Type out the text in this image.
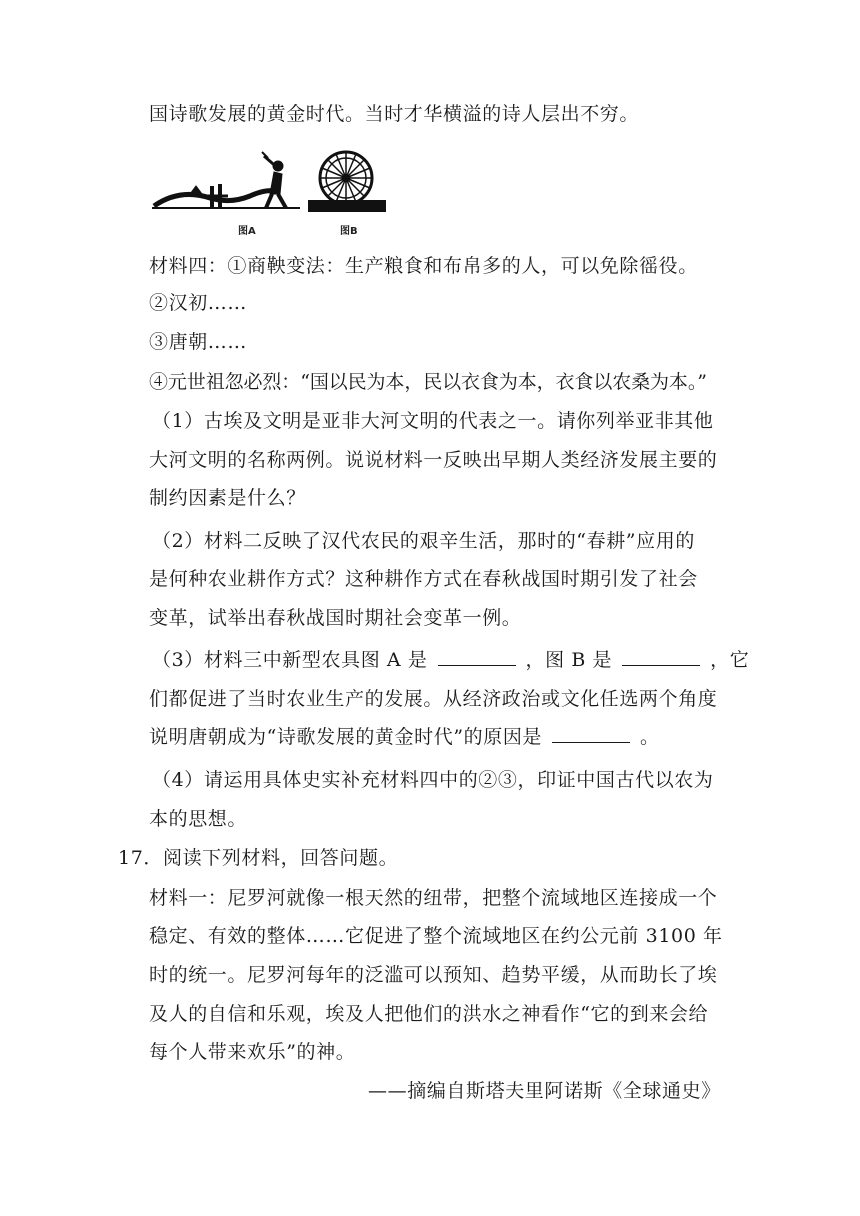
国诗歌发展的黄金时代。当时才华横溢的诗人层出不穷。
图A	图B
材料四：①商鞅变法：生产粮食和布帛多的人，可以免除徭役。
②汉初……
③唐朝……
④元世祖忽必烈：“国以民为本，民以衣食为本，衣食以农桑为本。”
（1）古埃及文明是亚非大河文明的代表之一。请你列举亚非其他
大河文明的名称两例。说说材料一反映出早期人类经济发展主要的
制约因素是什么？
（2）材料二反映了汉代农民的艰辛生活，那时的“春耕”应用的
是何种农业耕作方式？这种耕作方式在春秋战国时期引发了社会
变革，试举出春秋战国时期社会变革一例。
（3）材料三中新型农具图 A 是	，图 B 是	，它
们都促进了当时农业生产的发展。从经济政治或文化任选两个角度
说明唐朝成为“诗歌发展的黄金时代”的原因是	。
（4）请运用具体史实补充材料四中的②③，印证中国古代以农为
本的思想。
17．阅读下列材料，回答问题。
材料一：尼罗河就像一根天然的纽带，把整个流域地区连接成一个
稳定、有效的整体……它促进了整个流域地区在约公元前 3100 年
时的统一。尼罗河每年的泛滥可以预知、趋势平缓，从而助长了埃
及人的自信和乐观，埃及人把他们的洪水之神看作“它的到来会给
每个人带来欢乐”的神。
——摘编自斯塔夫里阿诺斯《全球通史》
